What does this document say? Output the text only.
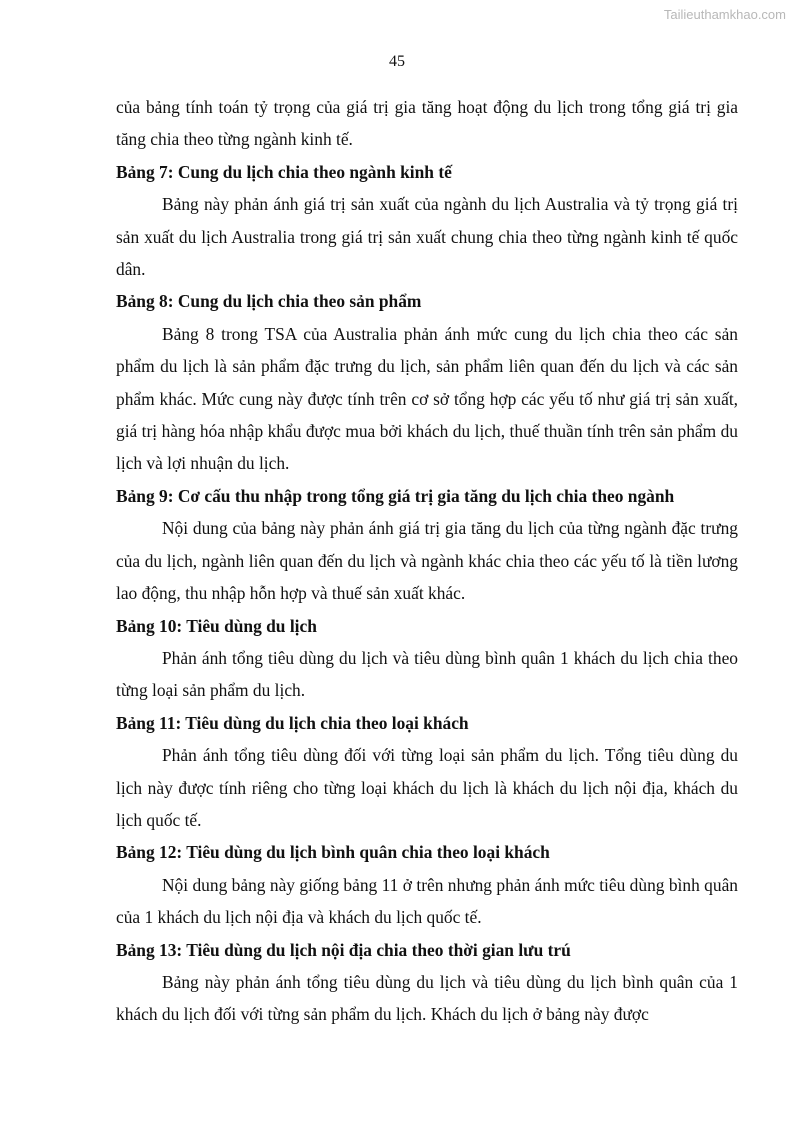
Tailieuthamkhao.com
45

của bảng tính toán tỷ trọng của giá trị gia tăng hoạt động du lịch trong tổng giá trị gia tăng chia theo từng ngành kinh tế.

Bảng 7: Cung du lịch chia theo ngành kinh tế

Bảng này phản ánh giá trị sản xuất của ngành du lịch Australia và tỷ trọng giá trị sản xuất du lịch Australia trong giá trị sản xuất chung chia theo từng ngành kinh tế quốc dân.

Bảng 8: Cung du lịch chia theo sản phẩm

Bảng 8 trong TSA của Australia phản ánh mức cung du lịch chia theo các sản phẩm du lịch là sản phẩm đặc trưng du lịch, sản phẩm liên quan đến du lịch và các sản phẩm khác. Mức cung này được tính trên cơ sở tổng hợp các yếu tố như giá trị sản xuất, giá trị hàng hóa nhập khẩu được mua bởi khách du lịch, thuế thuần tính trên sản phẩm du lịch và lợi nhuận du lịch.

Bảng 9: Cơ cấu thu nhập trong tổng giá trị gia tăng du lịch chia theo ngành

Nội dung của bảng này phản ánh giá trị gia tăng du lịch của từng ngành đặc trưng của du lịch, ngành liên quan đến du lịch và ngành khác chia theo các yếu tố là tiền lương lao động, thu nhập hỗn hợp và thuế sản xuất khác.

Bảng 10: Tiêu dùng du lịch

Phản ánh tổng tiêu dùng du lịch và tiêu dùng bình quân 1 khách du lịch chia theo từng loại sản phẩm du lịch.

Bảng 11: Tiêu dùng du lịch chia theo loại khách

Phản ánh tổng tiêu dùng đối với từng loại sản phẩm du lịch. Tổng tiêu dùng du lịch này được tính riêng cho từng loại khách du lịch là khách du lịch nội địa, khách du lịch quốc tế.

Bảng 12: Tiêu dùng du lịch bình quân chia theo loại khách

Nội dung bảng này giống bảng 11 ở trên nhưng phản ánh mức tiêu dùng bình quân của 1 khách du lịch nội địa và khách du lịch quốc tế.

Bảng 13: Tiêu dùng du lịch nội địa chia theo thời gian lưu trú

Bảng này phản ánh tổng tiêu dùng du lịch và tiêu dùng du lịch bình quân của 1 khách du lịch đối với từng sản phẩm du lịch. Khách du lịch ở bảng này được
